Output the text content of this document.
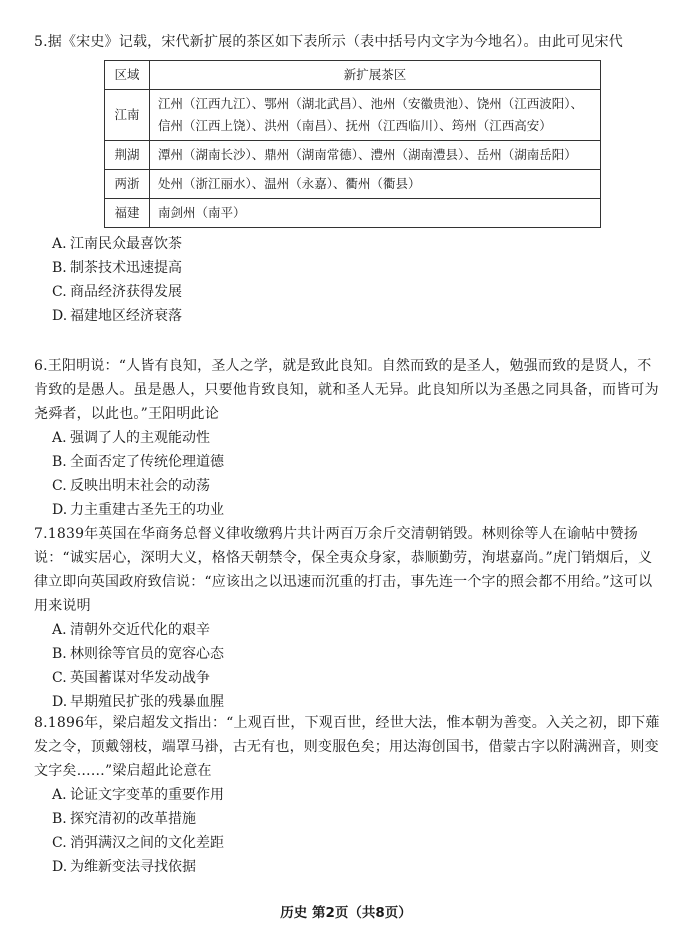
5.据《宋史》记载，宋代新扩展的茶区如下表所示（表中括号内文字为今地名）。由此可见宋代

区域	新扩展茶区
江南	江州（江西九江）、鄂州（湖北武昌）、池州（安徽贵池）、饶州（江西波阳）、信州（江西上饶）、洪州（南昌）、抚州（江西临川）、筠州（江西高安）
荆湖	潭州（湖南长沙）、鼎州（湖南常德）、澧州（湖南澧县）、岳州（湖南岳阳）
两浙	处州（浙江丽水）、温州（永嘉）、衢州（衢县）
福建	南剑州（南平）

A. 江南民众最喜饮茶

B. 制茶技术迅速提高

C. 商品经济获得发展

D. 福建地区经济衰落

6.王阳明说：“人皆有良知，圣人之学，就是致此良知。自然而致的是圣人，勉强而致的是贤人，不肯致的是愚人。虽是愚人，只要他肯致良知，就和圣人无异。此良知所以为圣愚之同具备，而皆可为尧舜者，以此也。”王阳明此论

A. 强调了人的主观能动性

B. 全面否定了传统伦理道德

C. 反映出明末社会的动荡

D. 力主重建古圣先王的功业

7.1839年英国在华商务总督义律收缴鸦片共计两百万余斤交清朝销毁。林则徐等人在谕帖中赞扬说：“诚实居心，深明大义，格恪天朝禁令，保全夷众身家，恭顺勤劳，洵堪嘉尚。”虎门销烟后，义律立即向英国政府致信说：“应该出之以迅速而沉重的打击，事先连一个字的照会都不用给。”这可以用来说明

A. 清朝外交近代化的艰辛

B. 林则徐等官员的宽容心态

C. 英国蓄谋对华发动战争

D. 早期殖民扩张的残暴血腥

8.1896年，梁启超发文指出：“上观百世，下观百世，经世大法，惟本朝为善变。入关之初，即下薙发之令，顶戴翎枝，端罩马褂，古无有也，则变服色矣；用达海创国书，借蒙古字以附满洲音，则变文字矣……”梁启超此论意在

A. 论证文字变革的重要作用

B. 探究清初的改革措施

C. 消弭满汉之间的文化差距

D. 为维新变法寻找依据

历史 第2页（共8页）
